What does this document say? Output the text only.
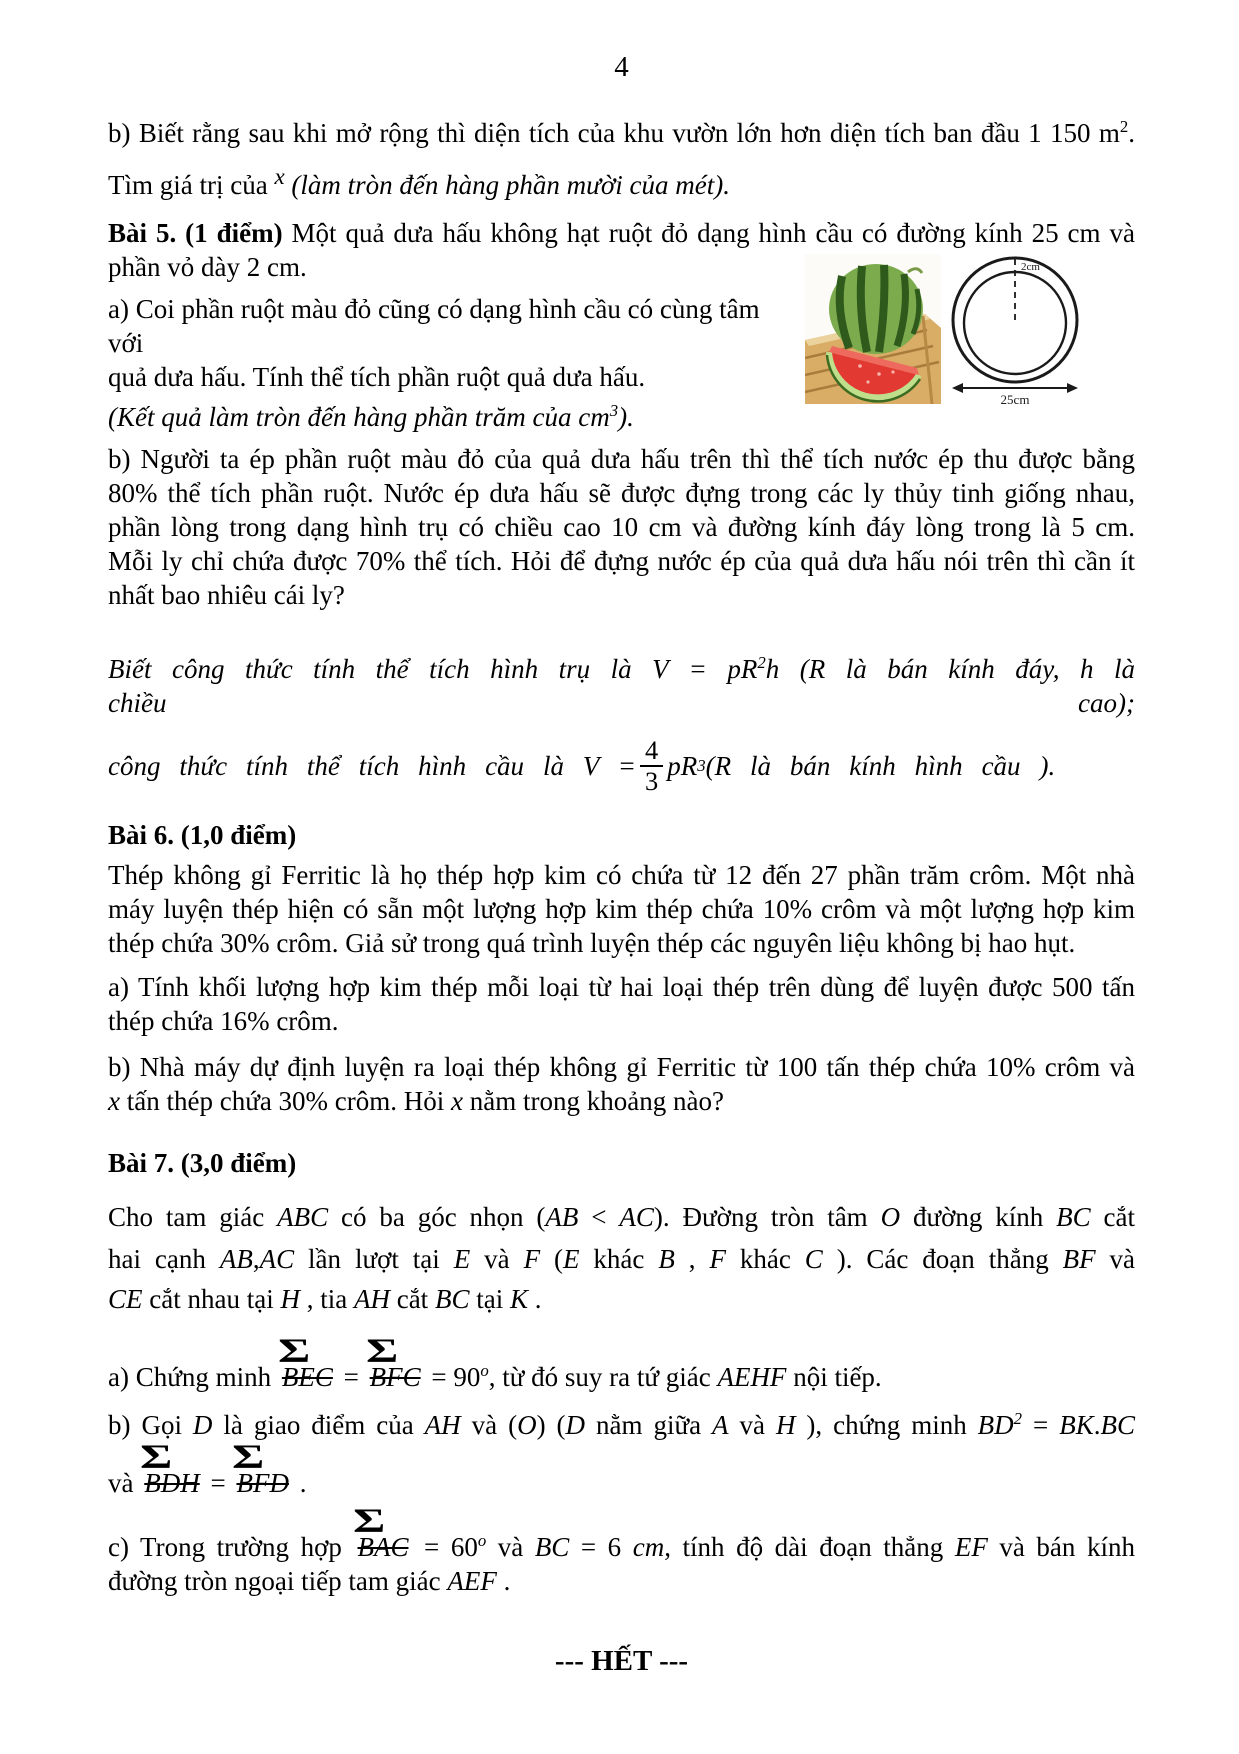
4
b) Biết rằng sau khi mở rộng thì diện tích của khu vườn lớn hơn diện tích ban đầu 1 150 $m^2$.
Tìm giá trị của $^x$ (làm tròn đến hàng phần mười của mét).
Bài 5. (1 điểm) Một quả dưa hấu không hạt ruột đỏ dạng hình cầu có đường kính 25 cm và
2cm
25cm
phần vỏ dày 2 cm.
a) Coi phần ruột màu đỏ cũng có dạng hình cầu có cùng tâm với
quả dưa hấu. Tính thể tích phần ruột quả dưa hấu.
(Kết quả làm tròn đến hàng phần trăm của $cm^3$).
b) Người ta ép phần ruột màu đỏ của quả dưa hấu trên thì thể tích nước ép thu được bằng
80% thể tích phần ruột. Nước ép dưa hấu sẽ được đựng trong các ly thủy tinh giống nhau,
phần lòng trong dạng hình trụ có chiều cao 10 cm và đường kính đáy lòng trong là 5 cm.
Mỗi ly chỉ chứa được 70% thể tích. Hỏi để đựng nước ép của quả dưa hấu nói trên thì cần ít
nhất bao nhiêu cái ly?
Biết công thức tính thể tích hình trụ là $V = pR^2h$ (R là bán kính đáy, h là chiều cao);
công thức tính thể tích hình cầu là $V = \frac{4}{3}$ pR 3 (R là bán kính hình cầu ).
Bài 6. (1,0 điểm)
Thép không gỉ Ferritic là họ thép hợp kim có chứa từ 12 đến 27 phần trăm crôm. Một nhà
máy luyện thép hiện có sẵn một lượng hợp kim thép chứa 10% crôm và một lượng hợp kim
thép chứa 30% crôm. Giả sử trong quá trình luyện thép các nguyên liệu không bị hao hụt.
a) Tính khối lượng hợp kim thép mỗi loại từ hai loại thép trên dùng để luyện được 500 tấn
thép chứa 16% crôm.
b) Nhà máy dự định luyện ra loại thép không gỉ Ferritic từ 100 tấn thép chứa 10% crôm và
x tấn thép chứa 30% crôm. Hỏi x nằm trong khoảng nào?
Bài 7. (3,0 điểm)
Cho tam giác ABC có ba góc nhọn (AB < AC). Đường tròn tâm O đường kính BC cắt
hai cạnh AB,AC lần lượt tại E và F (E khác B , F khác C ). Các đoạn thẳng BF và
CE cắt nhau tại H , tia AH cắt BC tại K .
a) Chứng minh
Σ
BEC =
Σ
BFC = $90^o$, từ đó suy ra tứ giác AEHF nội tiếp.
b) Gọi D là giao điểm của AH và (O) (D nằm giữa A và H ), chứng minh $BD^2 = BK.BC$
và
Σ
BDH =
Σ
BFD .
c) Trong trường hợp
Σ
BAC = $60^o$ và BC = 6 cm, tính độ dài đoạn thẳng EF và bán kính
đường tròn ngoại tiếp tam giác AEF .
--- HẾT ---
